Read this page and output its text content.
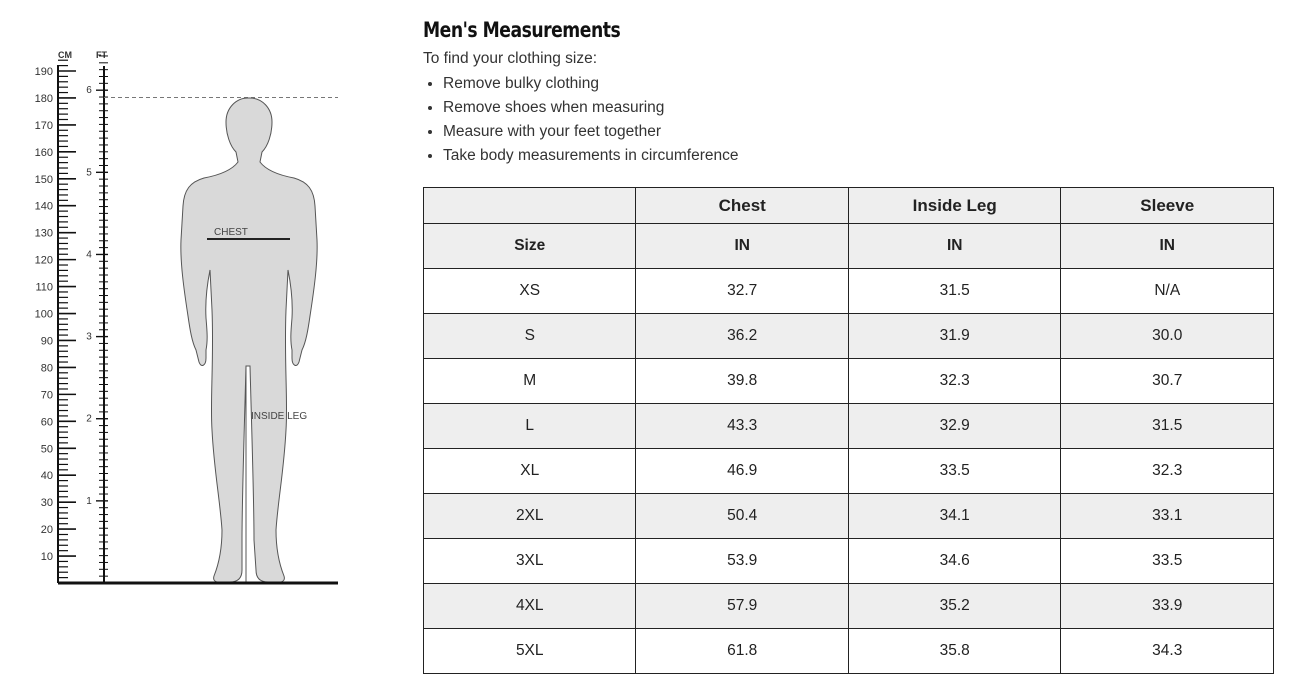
CM	FT
190
180
170
160
150
140
130
120
110
100
90
80
70
60
50
40
30
20
10
6
5
4
3
2
1
CHEST
INSIDE LEG
Men's Measurements

To find your clothing size:

• Remove bulky clothing
• Remove shoes when measuring
• Measure with your feet together
• Take body measurements in circumference
	Chest	Inside Leg	Sleeve
Size	IN	IN	IN
XS	32.7	31.5	N/A
S	36.2	31.9	30.0
M	39.8	32.3	30.7
L	43.3	32.9	31.5
XL	46.9	33.5	32.3
2XL	50.4	34.1	33.1
3XL	53.9	34.6	33.5
4XL	57.9	35.2	33.9
5XL	61.8	35.8	34.3
